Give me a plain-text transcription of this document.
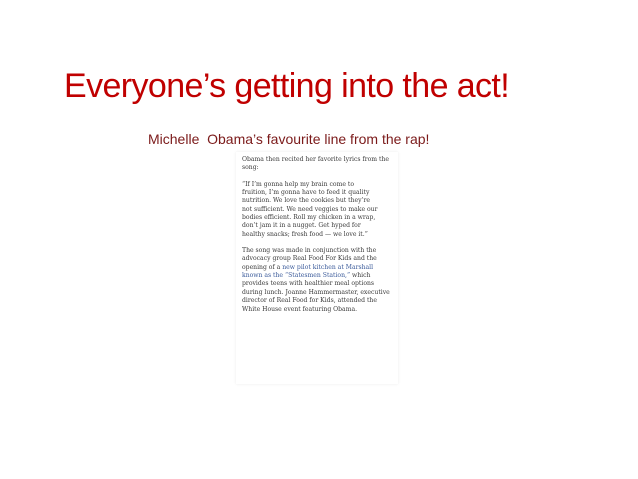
Everyone’s getting into the act!
Michelle  Obama’s favourite line from the rap!

Obama then recited her favorite lyrics from the song:

“If I’m gonna help my brain come to
fruition, I’m gonna have to feed it quality
nutrition. We love the cookies but they’re
not sufficient. We need veggies to make our
bodies efficient. Roll my chicken in a wrap,
don’t jam it in a nugget. Get hyped for
healthy snacks; fresh food — we love it.”

The song was made in conjunction with the advocacy group Real Food For Kids and the opening of a new pilot kitchen at Marshall known as the “Statesmen Station,” which provides teens with healthier meal options during lunch. Joanne Hammermaster, executive director of Real Food for Kids, attended the White House event featuring Obama.
